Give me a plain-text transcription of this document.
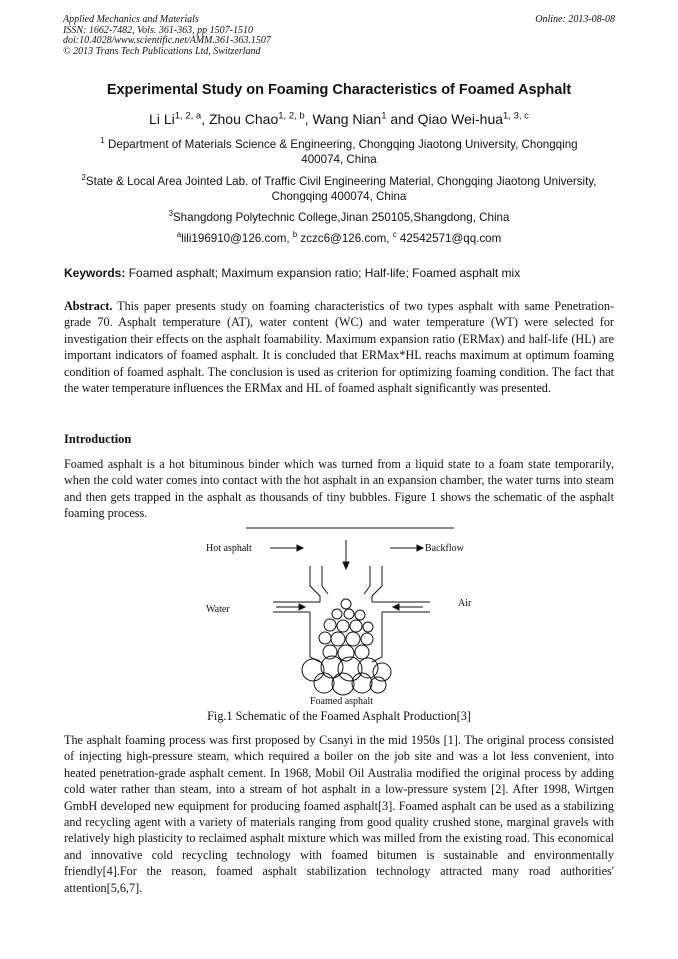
Applied Mechanics and Materials
ISSN: 1662-7482, Vols. 361-363, pp 1507-1510
doi:10.4028/www.scientific.net/AMM.361-363.1507
© 2013 Trans Tech Publications Ltd, Switzerland
Online: 2013-08-08
Experimental Study on Foaming Characteristics of Foamed Asphalt
Li Li$^{1, 2, a}$, Zhou Chao$^{1, 2, b}$, Wang Nian$^1$ and Qiao Wei-hua$^{1, 3, c}$
$^1$ Department of Materials Science & Engineering, Chongqing Jiaotong University, Chongqing 400074, China
$^2$State & Local Area Jointed Lab. of Traffic Civil Engineering Material, Chongqing Jiaotong University, Chongqing 400074, China
$^3$Shangdong Polytechnic College,Jinan 250105,Shangdong, China
$^a$lili196910@126.com, $^b$ zczc6@126.com, $^c$ 42542571@qq.com
Keywords: Foamed asphalt; Maximum expansion ratio; Half-life; Foamed asphalt mix
Abstract. This paper presents study on foaming characteristics of two types asphalt with same Penetration-grade 70. Asphalt temperature (AT), water content (WC) and water temperature (WT) were selected for investigation their effects on the asphalt foamability. Maximum expansion ratio (ERMax) and half-life (HL) are important indicators of foamed asphalt. It is concluded that ERMax*HL reachs maximum at optimum foaming condition of foamed asphalt. The conclusion is used as criterion for optimizing foaming condition. The fact that the water temperature influences the ERMax and HL of foamed asphalt significantly was presented.
Introduction
Foamed asphalt is a hot bituminous binder which was turned from a liquid state to a foam state temporarily, when the cold water comes into contact with the hot asphalt in an expansion chamber, the water turns into steam and then gets trapped in the asphalt as thousands of tiny bubbles. Figure 1 shows the schematic of the asphalt foaming process.
Hot asphalt	Backflow
Water
Air
Foamed asphalt
Fig.1 Schematic of the Foamed Asphalt Production[3]
The asphalt foaming process was first proposed by Csanyi in the mid 1950s [1]. The original process consisted of injecting high-pressure steam, which required a boiler on the job site and was a lot less convenient, into heated penetration-grade asphalt cement. In 1968, Mobil Oil Australia modified the original process by adding cold water rather than steam, into a stream of hot asphalt in a low-pressure system [2]. After 1998, Wirtgen GmbH developed new equipment for producing foamed asphalt[3]. Foamed asphalt can be used as a stabilizing and recycling agent with a variety of materials ranging from good quality crushed stone, marginal gravels with relatively high plasticity to reclaimed asphalt mixture which was milled from the existing road. This economical and innovative cold recycling technology with foamed bitumen is sustainable and environmentally friendly[4].For the reason, foamed asphalt stabilization technology attracted many road authorities' attention[5,6,7].
